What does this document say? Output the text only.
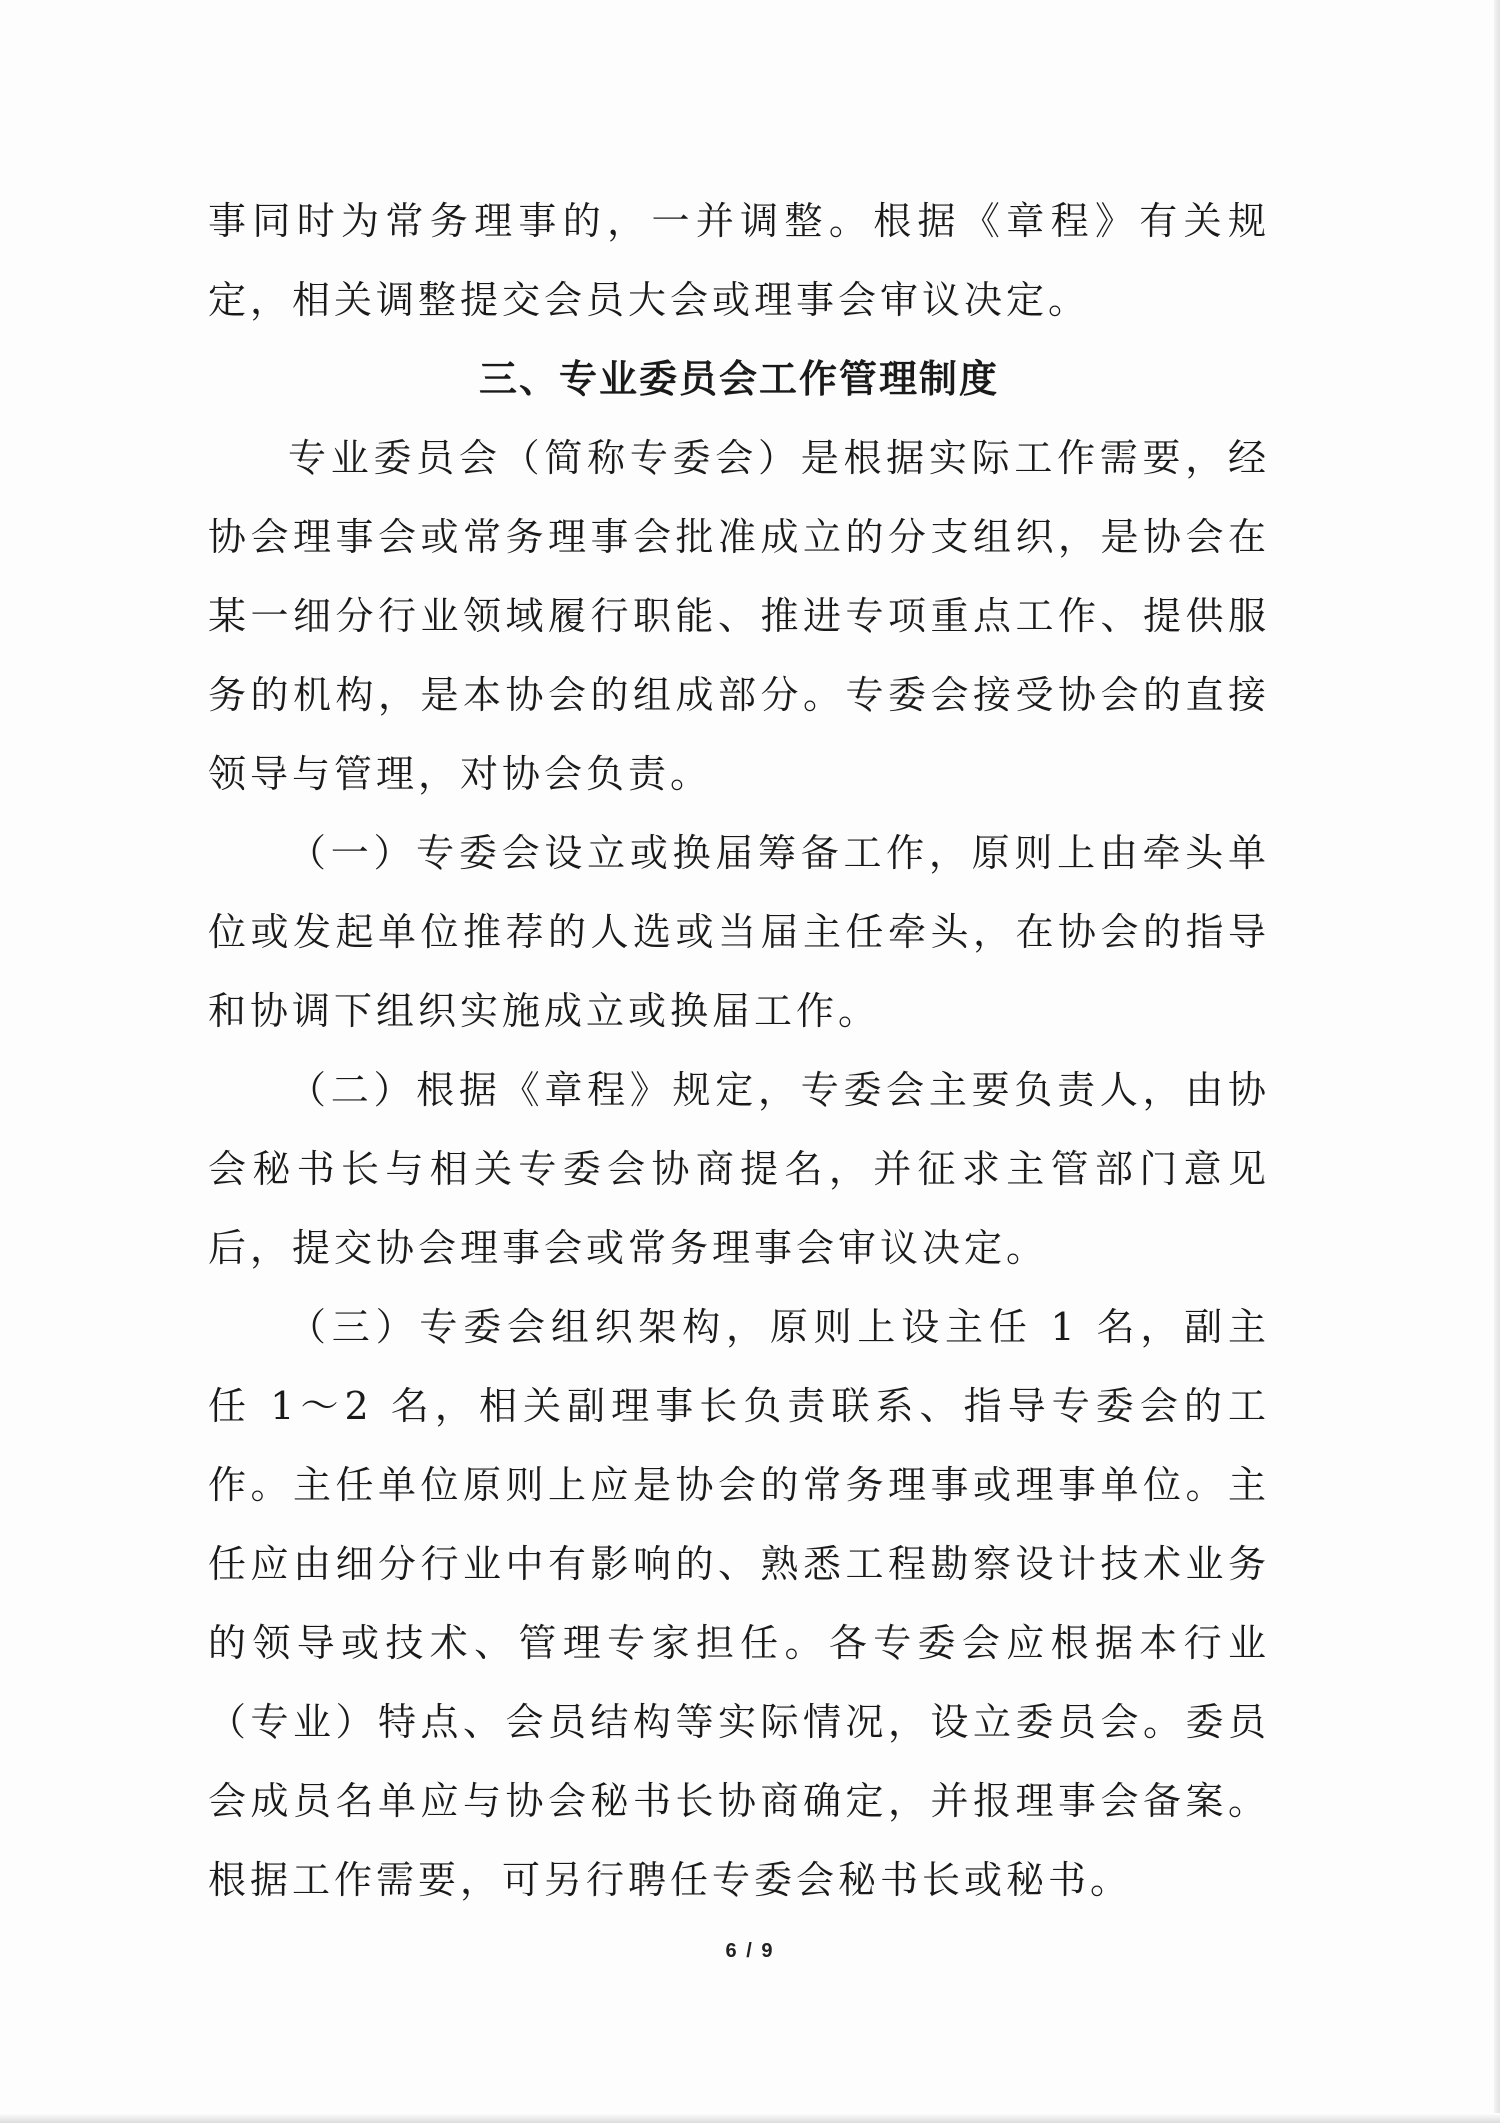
事同时为常务理事的，一并调整。根据《章程》有关规定，相关调整提交会员大会或理事会审议决定。

三、专业委员会工作管理制度

专业委员会（简称专委会）是根据实际工作需要，经协会理事会或常务理事会批准成立的分支组织，是协会在某一细分行业领域履行职能、推进专项重点工作、提供服务的机构，是本协会的组成部分。专委会接受协会的直接领导与管理，对协会负责。

（一）专委会设立或换届筹备工作，原则上由牵头单位或发起单位推荐的人选或当届主任牵头，在协会的指导和协调下组织实施成立或换届工作。

（二）根据《章程》规定，专委会主要负责人，由协会秘书长与相关专委会协商提名，并征求主管部门意见后，提交协会理事会或常务理事会审议决定。

（三）专委会组织架构，原则上设主任 1 名，副主任 1～2 名，相关副理事长负责联系、指导专委会的工作。主任单位原则上应是协会的常务理事或理事单位。主任应由细分行业中有影响的、熟悉工程勘察设计技术业务的领导或技术、管理专家担任。各专委会应根据本行业（专业）特点、会员结构等实际情况，设立委员会。委员会成员名单应与协会秘书长协商确定，并报理事会备案。根据工作需要，可另行聘任专委会秘书长或秘书。

6 / 9
